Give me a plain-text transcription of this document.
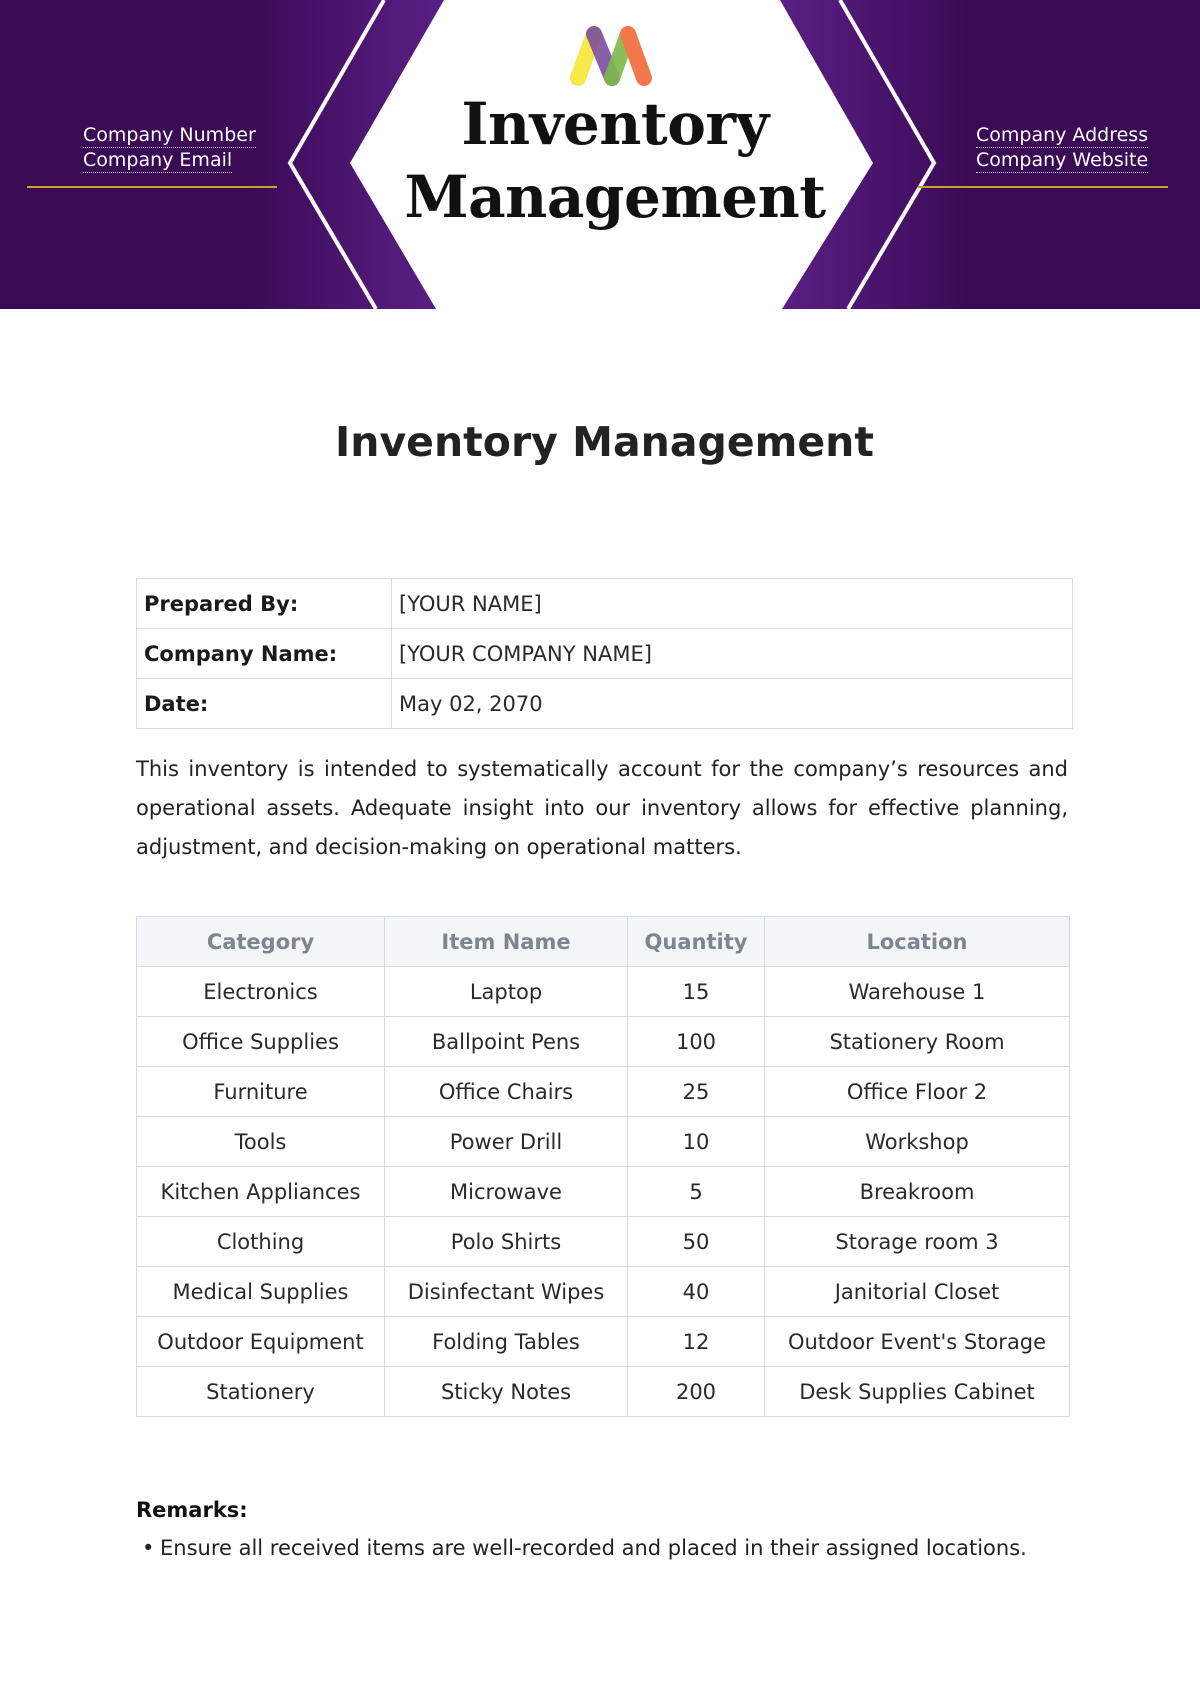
Company Number
Company Email
Company Address
Company Website
Inventory
Management
Inventory Management
Prepared By:	[YOUR NAME]
Company Name:	[YOUR COMPANY NAME]
Date:	May 02, 2070

This inventory is intended to systematically account for the company’s resources and operational assets. Adequate insight into our inventory allows for effective planning, adjustment, and decision-making on operational matters.

Category	Item Name	Quantity	Location
Electronics	Laptop	15	Warehouse 1
Office Supplies	Ballpoint Pens	100	Stationery Room
Furniture	Office Chairs	25	Office Floor 2
Tools	Power Drill	10	Workshop
Kitchen Appliances	Microwave	5	Breakroom
Clothing	Polo Shirts	50	Storage room 3
Medical Supplies	Disinfectant Wipes	40	Janitorial Closet
Outdoor Equipment	Folding Tables	12	Outdoor Event's Storage
Stationery	Sticky Notes	200	Desk Supplies Cabinet
Remarks:
• Ensure all received items are well-recorded and placed in their assigned locations.
